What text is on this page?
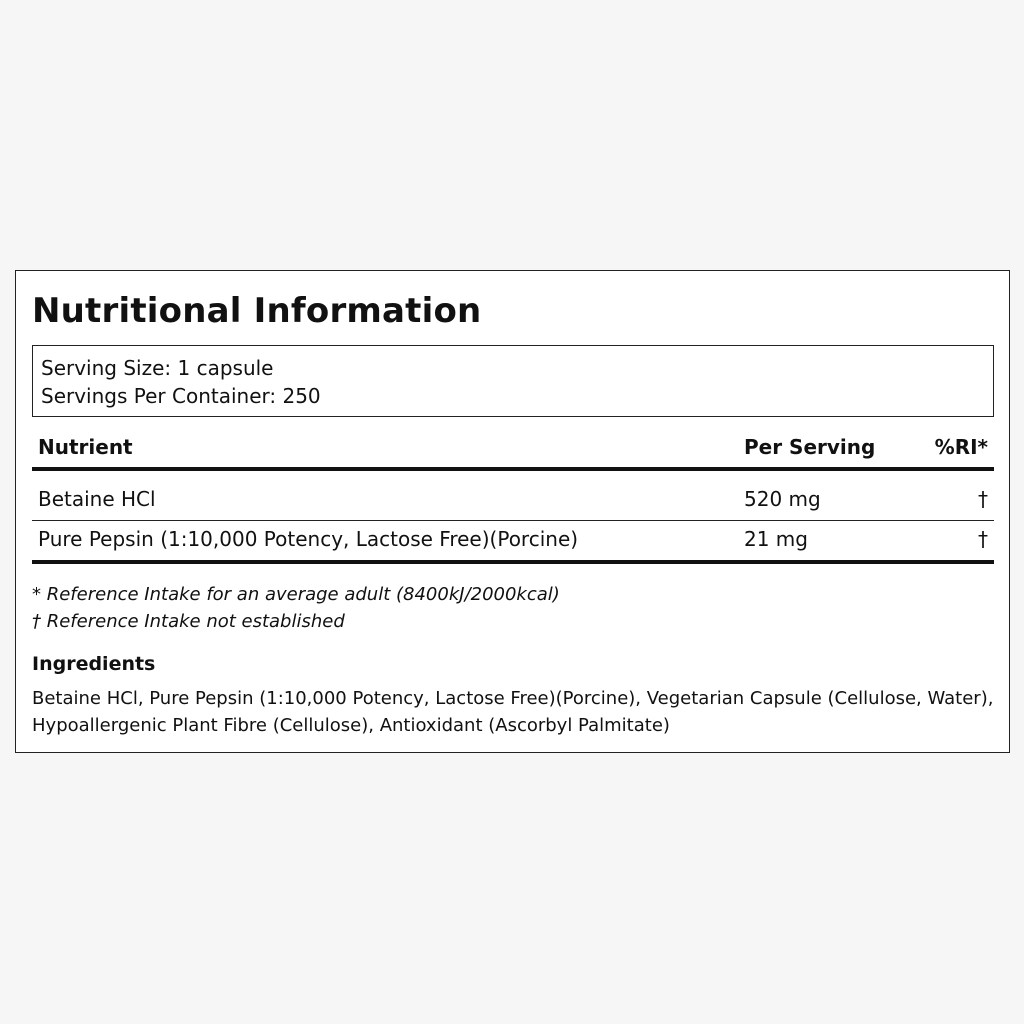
Nutritional Information
Serving Size: 1 capsule
Servings Per Container: 250
Nutrient	Per Serving	%RI*
Betaine HCl	520 mg	†
Pure Pepsin (1:10,000 Potency, Lactose Free)(Porcine)	21 mg	†
* Reference Intake for an average adult (8400kJ/2000kcal)
† Reference Intake not established
Ingredients
Betaine HCl, Pure Pepsin (1:10,000 Potency, Lactose Free)(Porcine), Vegetarian Capsule (Cellulose, Water),
Hypoallergenic Plant Fibre (Cellulose), Antioxidant (Ascorbyl Palmitate)
